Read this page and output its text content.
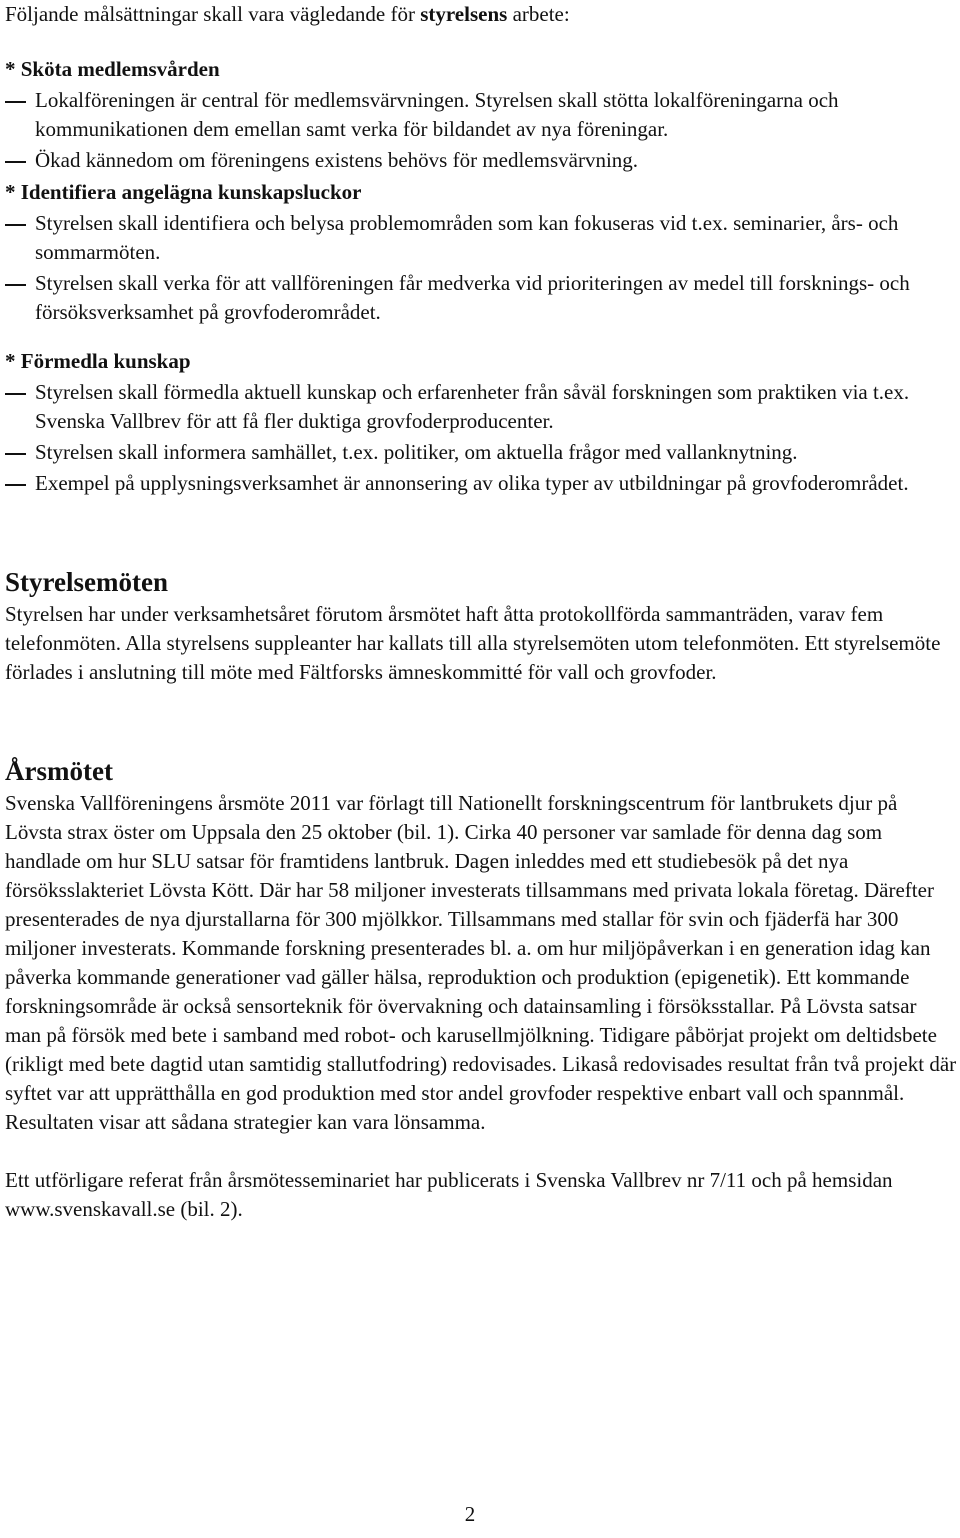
Följande målsättningar skall vara vägledande för styrelsens arbete:

* Sköta medlemsvården

Lokalföreningen är central för medlemsvärvningen. Styrelsen skall stötta lokalföreningarna och kommunikationen dem emellan samt verka för bildandet av nya föreningar.
Ökad kännedom om föreningens existens behövs för medlemsvärvning.

* Identifiera angelägna kunskapsluckor

Styrelsen skall identifiera och belysa problemområden som kan fokuseras vid t.ex. seminarier, års- och sommarmöten.
Styrelsen skall verka för att vallföreningen får medverka vid prioriteringen av medel till forsknings- och försöksverksamhet på grovfoderområdet.

* Förmedla kunskap

Styrelsen skall förmedla aktuell kunskap och erfarenheter från såväl forskningen som praktiken via t.ex. Svenska Vallbrev för att få fler duktiga grovfoderproducenter.
Styrelsen skall informera samhället, t.ex. politiker, om aktuella frågor med vallanknytning.
Exempel på upplysningsverksamhet är annonsering av olika typer av utbildningar på grovfoderområdet.
Styrelsemöten

Styrelsen har under verksamhetsåret förutom årsmötet haft åtta protokollförda sammanträden, varav fem telefonmöten. Alla styrelsens suppleanter har kallats till alla styrelsemöten utom telefonmöten. Ett styrelsemöte förlades i anslutning till möte med Fältforsks ämneskommitté för vall och grovfoder.

Årsmötet

Svenska Vallföreningens årsmöte 2011 var förlagt till Nationellt forskningscentrum för lantbrukets djur på Lövsta strax öster om Uppsala den 25 oktober (bil. 1). Cirka 40 personer var samlade för denna dag som handlade om hur SLU satsar för framtidens lantbruk. Dagen inleddes med ett studiebesök på det nya försöksslakteriet Lövsta Kött. Där har 58 miljoner investerats tillsammans med privata lokala företag. Därefter presenterades de nya djurstallarna för 300 mjölkkor. Tillsammans med stallar för svin och fjäderfä har 300 miljoner investerats. Kommande forskning presenterades bl. a. om hur miljöpåverkan i en generation idag kan påverka kommande generationer vad gäller hälsa, reproduktion och produktion (epigenetik). Ett kommande forskningsområde är också sensorteknik för övervakning och datainsamling i försöksstallar. På Lövsta satsar man på försök med bete i samband med robot- och karusellmjölkning. Tidigare påbörjat projekt om deltidsbete (rikligt med bete dagtid utan samtidig stallutfodring) redovisades. Likaså redovisades resultat från två projekt där syftet var att upprätthålla en god produktion med stor andel grovfoder respektive enbart vall och spannmål. Resultaten visar att sådana strategier kan vara lönsamma.

Ett utförligare referat från årsmötesseminariet har publicerats i Svenska Vallbrev nr 7/11 och på hemsidan www.svenskavall.se (bil. 2).

2
